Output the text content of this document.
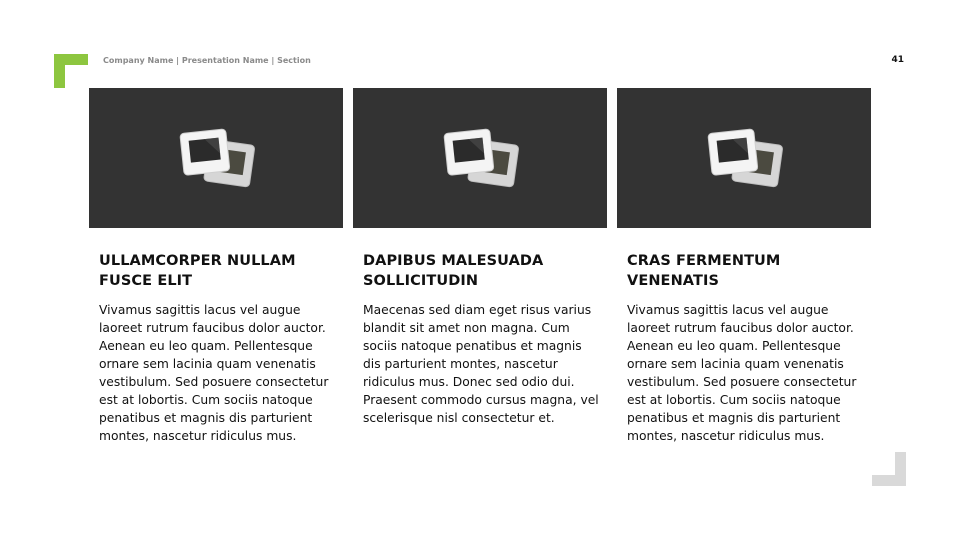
Company Name | Presentation Name | Section	41
ULLAMCORPER NULLAM FUSCE ELIT
Vivamus sagittis lacus vel augue laoreet rutrum faucibus dolor auctor. Aenean eu leo quam. Pellentesque ornare sem lacinia quam venenatis vestibulum. Sed posuere consectetur est at lobortis. Cum sociis natoque penatibus et magnis dis parturient montes, nascetur ridiculus mus.
DAPIBUS MALESUADA SOLLICITUDIN
Maecenas sed diam eget risus varius blandit sit amet non magna. Cum sociis natoque penatibus et magnis dis parturient montes, nascetur ridiculus mus. Donec sed odio dui. Praesent commodo cursus magna, vel scelerisque nisl consectetur et.
CRAS FERMENTUM VENENATIS
Vivamus sagittis lacus vel augue laoreet rutrum faucibus dolor auctor. Aenean eu leo quam. Pellentesque ornare sem lacinia quam venenatis vestibulum. Sed posuere consectetur est at lobortis. Cum sociis natoque penatibus et magnis dis parturient montes, nascetur ridiculus mus.
